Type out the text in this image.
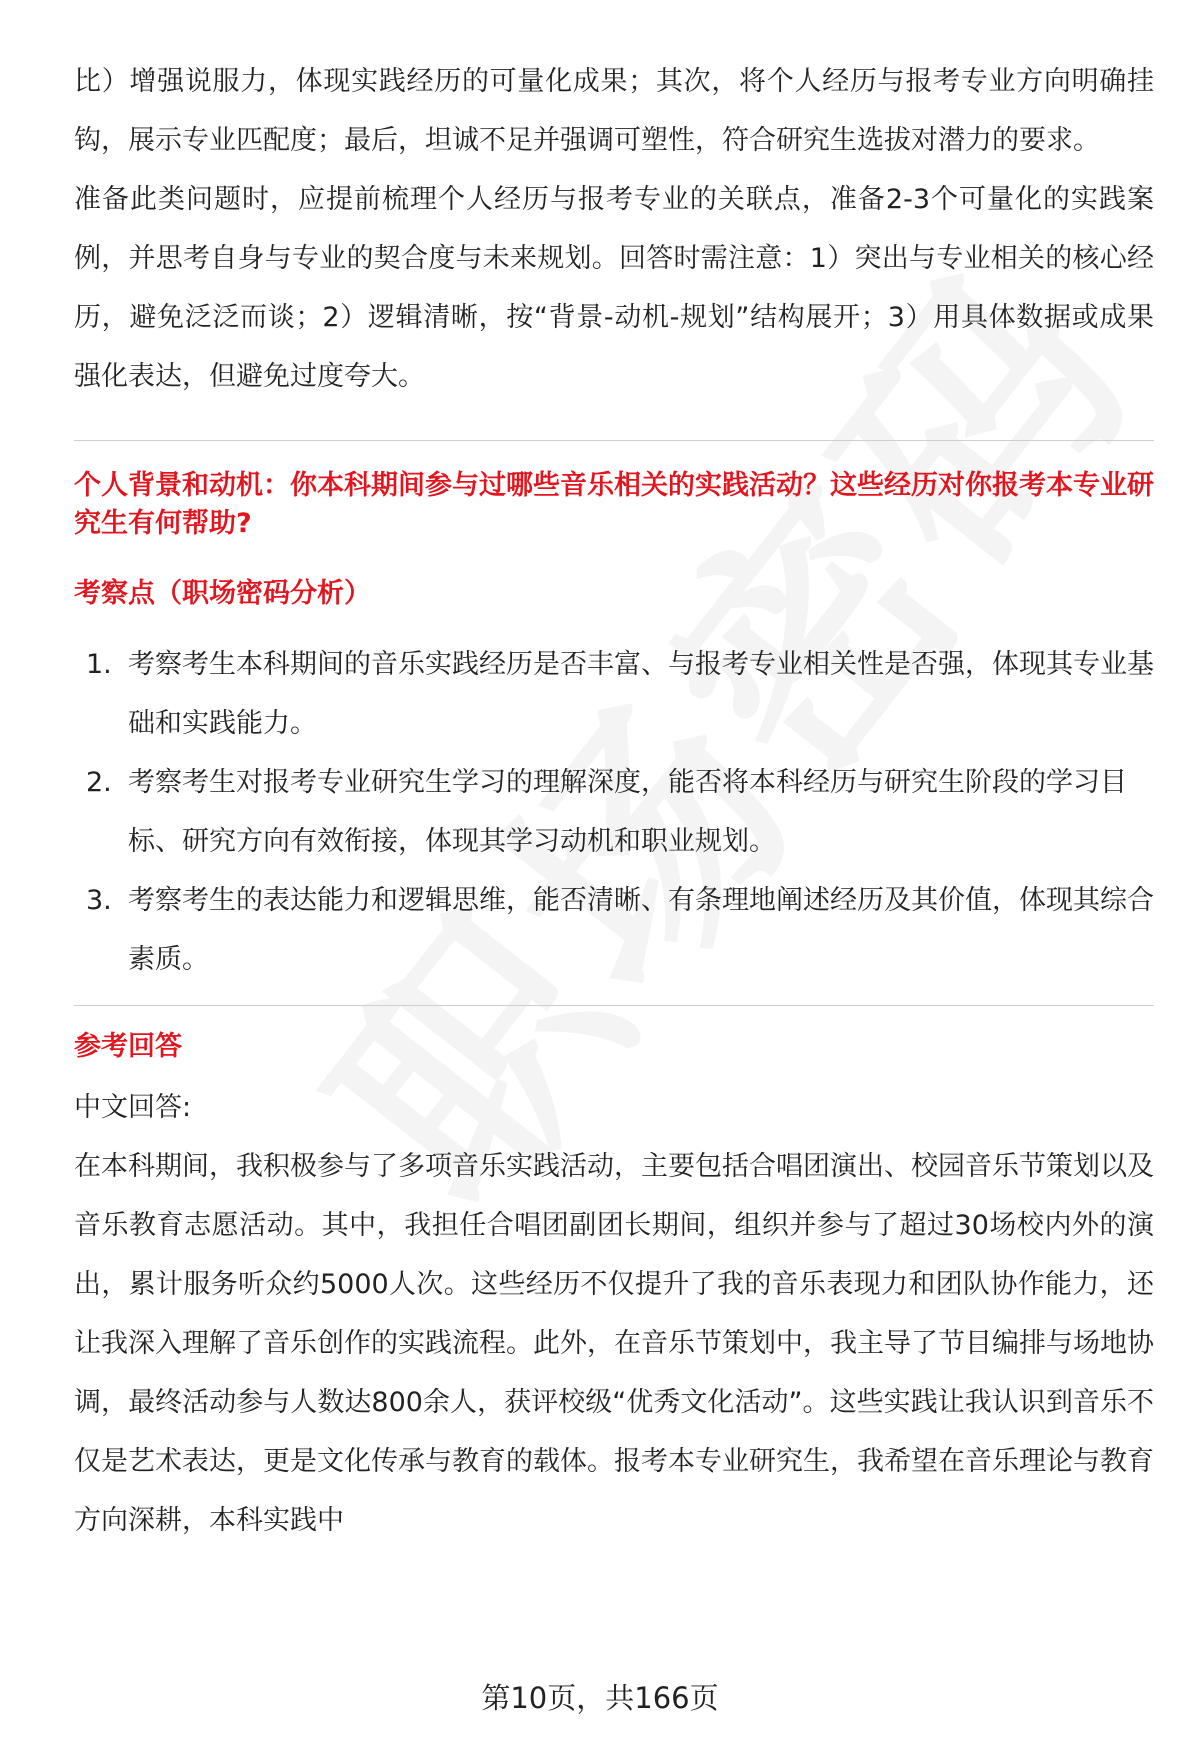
比）增强说服力，体现实践经历的可量化成果；其次，将个人经历与报考专业方向明确挂钩，展示专业匹配度；最后，坦诚不足并强调可塑性，符合研究生选拔对潜力的要求。

准备此类问题时，应提前梳理个人经历与报考专业的关联点，准备2-3个可量化的实践案例，并思考自身与专业的契合度与未来规划。回答时需注意：1）突出与专业相关的核心经历，避免泛泛而谈；2）逻辑清晰，按“背景-动机-规划”结构展开；3）用具体数据或成果强化表达，但避免过度夸大。

个人背景和动机：你本科期间参与过哪些音乐相关的实践活动？这些经历对你报考本专业研究生有何帮助?

考察点（职场密码分析）

1. 考察考生本科期间的音乐实践经历是否丰富、与报考专业相关性是否强，体现其专业基础和实践能力。
2. 考察考生对报考专业研究生学习的理解深度，能否将本科经历与研究生阶段的学习目标、研究方向有效衔接，体现其学习动机和职业规划。
3. 考察考生的表达能力和逻辑思维，能否清晰、有条理地阐述经历及其价值，体现其综合素质。

参考回答

中文回答:

在本科期间，我积极参与了多项音乐实践活动，主要包括合唱团演出、校园音乐节策划以及音乐教育志愿活动。其中，我担任合唱团副团长期间，组织并参与了超过30场校内外的演出，累计服务听众约5000人次。这些经历不仅提升了我的音乐表现力和团队协作能力，还让我深入理解了音乐创作的实践流程。此外，在音乐节策划中，我主导了节目编排与场地协调，最终活动参与人数达800余人，获评校级“优秀文化活动”。这些实践让我认识到音乐不仅是艺术表达，更是文化传承与教育的载体。报考本专业研究生，我希望在音乐理论与教育方向深耕，本科实践中

第10页，共166页
